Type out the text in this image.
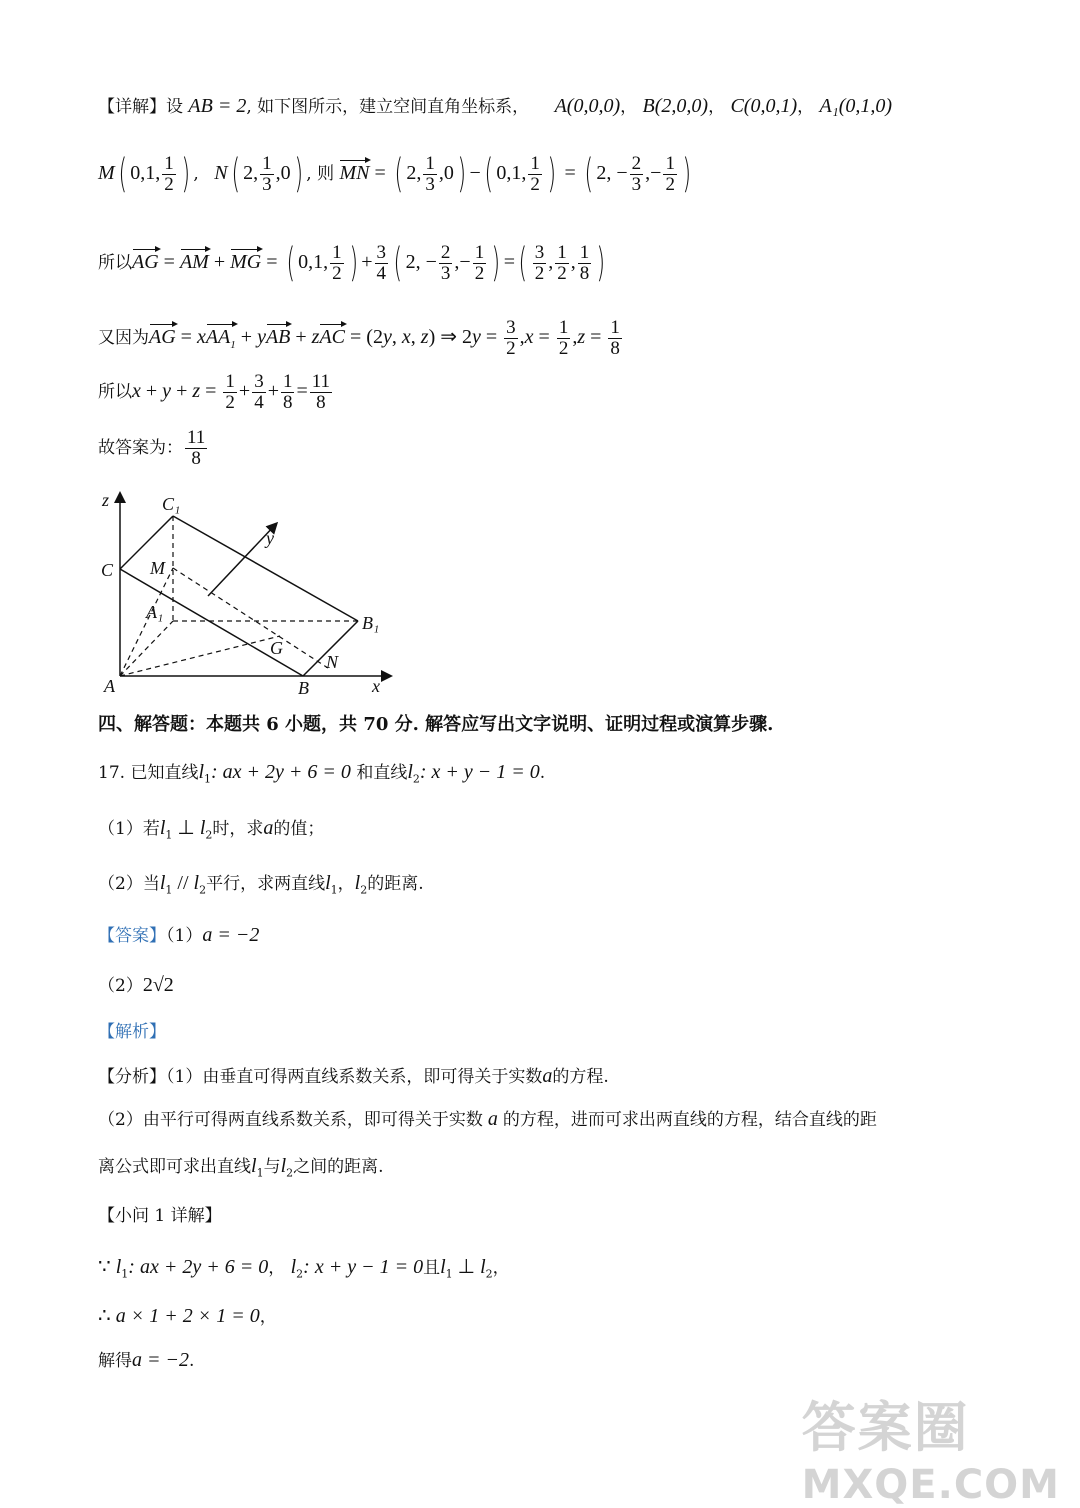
【详解】设 AB = 2, 如下图所示，建立空间直角坐标系， A(0,0,0)， B(2,0,0)， C(0,0,1)， A₁(0,1,0)
M( 0,1, $\frac{1}{2}$ ) , N( 2, $\frac{1}{3} ,0$) , 则 MN = ( 2, $\frac{1}{3} ,0$) −( 0,1, $\frac{1}{2}$ ) = ( 2, − $\frac{2}{3}$ ,− $\frac{1}{2}$ )
所以AG = AM + MG = ( 0,1, $\frac{1}{2}$ ) + $\frac{3}{4}$ ( 2, − $\frac{2}{3}$ ,− $\frac{1}{2}$ ) =( $\frac{3}{2}$ , $\frac{1}{2}$ , $\frac{1}{8}$ )
又因为AG = xAA$_1$ + yAB + zAC = (2y, x, z) ⇒ $2y = \frac{3}{2} ,x = \frac{1}{2} ,z = \frac{1}{8}$
所以$x + y + z = \frac{1}{2} + \frac{3}{4} + \frac{1}{8} = \frac{11}{8}$
故答案为： $\frac{11}{8}$
z	C₁
y
C M
A₁
B₁
G
N
A	B	x
四、解答题：本题共 6 小题，共 70 分. 解答应写出文字说明、证明过程或演算步骤.
17. 已知直线$l_1$: ax + 2y + 6 = 0 和直线$l_2$: x + y − 1 = 0.
（1）若$l_1$ ⊥ $l_2$时，求a的值；
（2）当$l_1 // l_2$平行，求两直线$l_1$，$l_2$的距离.
【答案】（1）a = −2
（2）2√2
【解析】
【分析】（1）由垂直可得两直线系数关系，即可得关于实数a的方程.
（2）由平行可得两直线系数关系，即可得关于实数 a 的方程，进而可求出两直线的方程，结合直线的距
离公式即可求出直线$l_1$与$l_2$之间的距离.
【小问 1 详解】
∵ $l_1$: ax + 2y + 6 = 0， $l_2$: x + y − 1 = 0且$l_1$ ⊥ $l_2$，
∴ a × 1 + 2 × 1 = 0，
解得a = −2.
答案圈
MXQE.COM
